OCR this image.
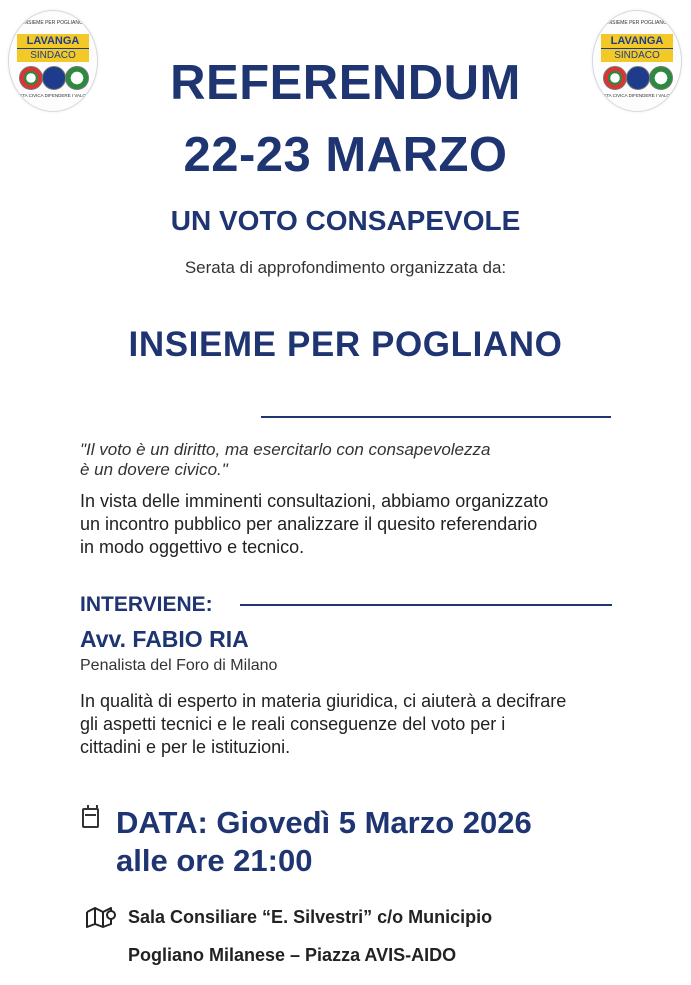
INSIEME PER POGLIANO
LAVANGA
SINDACO
LISTA CIVICA DIFENDERE I VALORI
INSIEME PER POGLIANO
LAVANGA
SINDACO
LISTA CIVICA DIFENDERE I VALORI
REFERENDUM
22-23 MARZO
UN VOTO CONSAPEVOLE
Serata di approfondimento organizzata da:
INSIEME PER POGLIANO
"Il voto è un diritto, ma esercitarlo con consapevolezza
è un dovere civico."
In vista delle imminenti consultazioni, abbiamo organizzato
un incontro pubblico per analizzare il quesito referendario
in modo oggettivo e tecnico.
INTERVIENE:
Avv. FABIO RIA
Penalista del Foro di Milano
In qualità di esperto in materia giuridica, ci aiuterà a decifrare
gli aspetti tecnici e le reali conseguenze del voto per i
cittadini e per le istituzioni.
DATA: Giovedì 5 Marzo 2026
alle ore 21:00
Sala Consiliare “E. Silvestri” c/o Municipio
Pogliano Milanese – Piazza AVIS-AIDO
